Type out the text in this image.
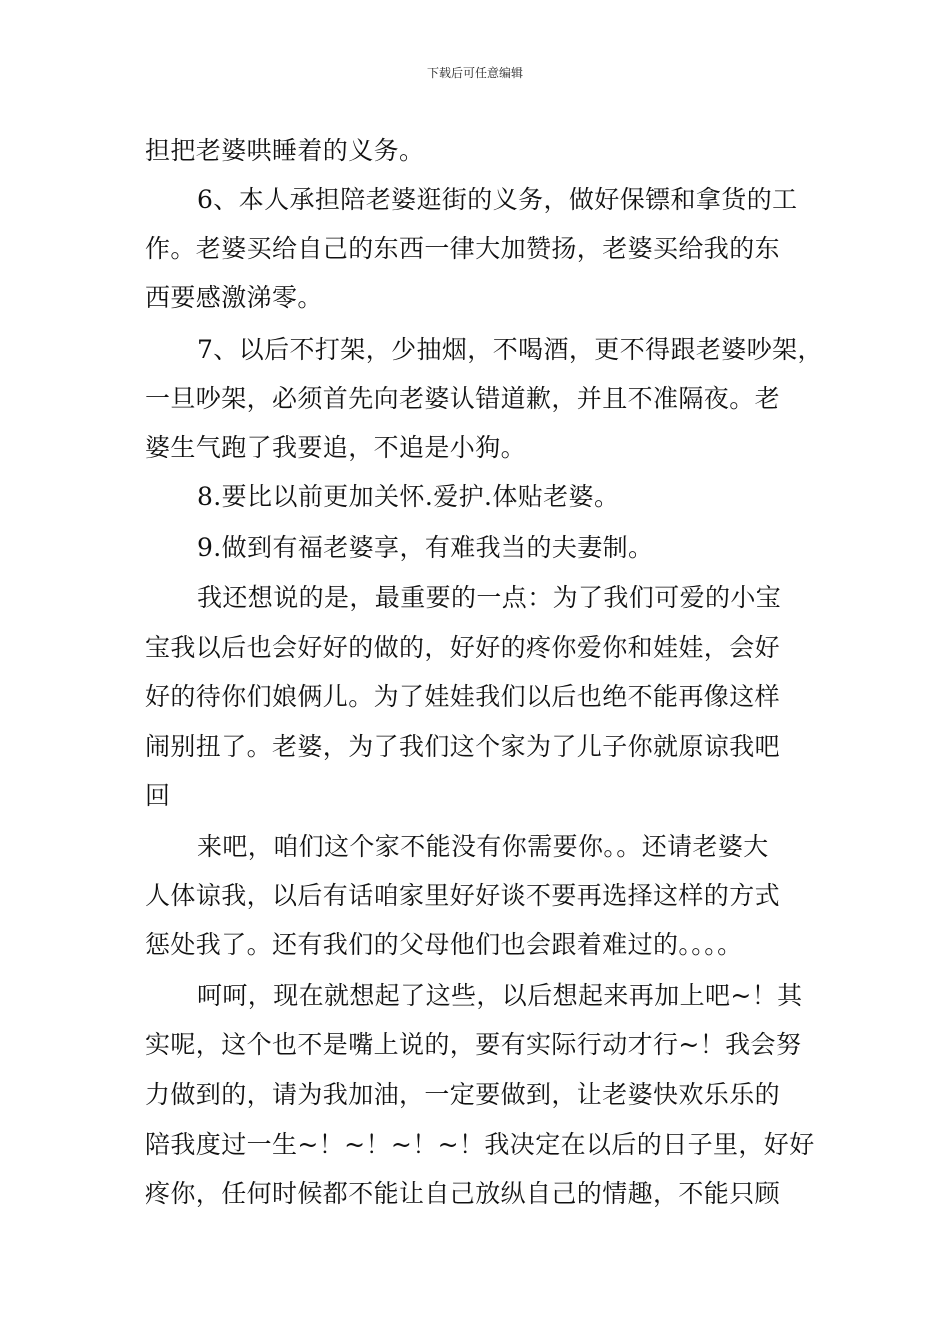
下载后可任意编辑
担把老婆哄睡着的义务。
6、本人承担陪老婆逛街的义务，做好保镖和拿货的工
作。老婆买给自己的东西一律大加赞扬，老婆买给我的东
西要感激涕零。
7、以后不打架，少抽烟，不喝酒，更不得跟老婆吵架，
一旦吵架，必须首先向老婆认错道歉，并且不准隔夜。老
婆生气跑了我要追，不追是小狗。
8.要比以前更加关怀.爱护.体贴老婆。
9.做到有福老婆享，有难我当的夫妻制。
我还想说的是，最重要的一点：为了我们可爱的小宝
宝我以后也会好好的做的，好好的疼你爱你和娃娃，会好
好的待你们娘俩儿。为了娃娃我们以后也绝不能再像这样
闹别扭了。老婆，为了我们这个家为了儿子你就原谅我吧
回
来吧，咱们这个家不能没有你需要你。。还请老婆大
人体谅我，以后有话咱家里好好谈不要再选择这样的方式
惩处我了。还有我们的父母他们也会跟着难过的。。。。
呵呵，现在就想起了这些，以后想起来再加上吧~！其
实呢，这个也不是嘴上说的，要有实际行动才行~！我会努
力做到的，请为我加油，一定要做到，让老婆快欢乐乐的
陪我度过一生~！~！~！~！我决定在以后的日子里，好好
疼你，任何时候都不能让自己放纵自己的情趣，不能只顾
